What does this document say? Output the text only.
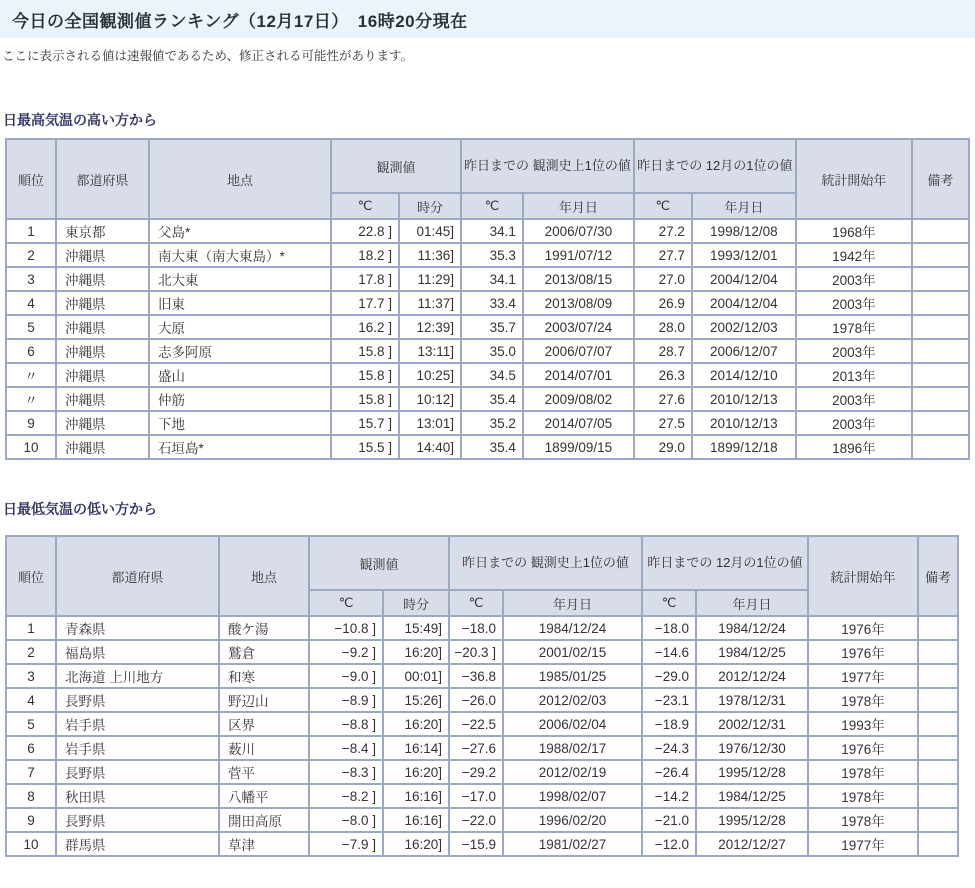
今日の全国観測値ランキング（12月17日）　16時20分現在
ここに表示される値は速報値であるため、修正される可能性があります。
日最高気温の高い方から
順位	都道府県	地点	観測値		昨日までの 観測史上1位の値		昨日までの 12月の1位の値		統計開始年	備考
			℃	時分	℃	年月日	℃	年月日		
1	東京都	父島*	22.8 ]	01:45]	34.1	2006/07/30	27.2	1998/12/08	1968年	
2	沖縄県	南大東（南大東島）*	18.2 ]	11:36]	35.3	1991/07/12	27.7	1993/12/01	1942年	
3	沖縄県	北大東	17.8 ]	11:29]	34.1	2013/08/15	27.0	2004/12/04	2003年	
4	沖縄県	旧東	17.7 ]	11:37]	33.4	2013/08/09	26.9	2004/12/04	2003年	
5	沖縄県	大原	16.2 ]	12:39]	35.7	2003/07/24	28.0	2002/12/03	1978年	
6	沖縄県	志多阿原	15.8 ]	13:11]	35.0	2006/07/07	28.7	2006/12/07	2003年	
〃	沖縄県	盛山	15.8 ]	10:25]	34.5	2014/07/01	26.3	2014/12/10	2013年	
〃	沖縄県	仲筋	15.8 ]	10:12]	35.4	2009/08/02	27.6	2010/12/13	2003年	
9	沖縄県	下地	15.7 ]	13:01]	35.2	2014/07/05	27.5	2010/12/13	2003年	
10	沖縄県	石垣島*	15.5 ]	14:40]	35.4	1899/09/15	29.0	1899/12/18	1896年	
日最低気温の低い方から
順位	都道府県	地点	観測値		昨日までの 観測史上1位の値		昨日までの 12月の1位の値		統計開始年	備考
			℃	時分	℃	年月日	℃	年月日		
1	青森県	酸ケ湯	−10.8 ]	15:49]	−18.0	1984/12/24	−18.0	1984/12/24	1976年	
2	福島県	鷲倉	−9.2 ]	16:20]	−20.3 ]	2001/02/15	−14.6	1984/12/25	1976年	
3	北海道 上川地方	和寒	−9.0 ]	00:01]	−36.8	1985/01/25	−29.0	2012/12/24	1977年	
4	長野県	野辺山	−8.9 ]	15:26]	−26.0	2012/02/03	−23.1	1978/12/31	1978年	
5	岩手県	区界	−8.8 ]	16:20]	−22.5	2006/02/04	−18.9	2002/12/31	1993年	
6	岩手県	薮川	−8.4 ]	16:14]	−27.6	1988/02/17	−24.3	1976/12/30	1976年	
7	長野県	菅平	−8.3 ]	16:20]	−29.2	2012/02/19	−26.4	1995/12/28	1978年	
8	秋田県	八幡平	−8.2 ]	16:16]	−17.0	1998/02/07	−14.2	1984/12/25	1978年	
9	長野県	開田高原	−8.0 ]	16:16]	−22.0	1996/02/20	−21.0	1995/12/28	1978年	
10	群馬県	草津	−7.9 ]	16:20]	−15.9	1981/02/27	−12.0	2012/12/27	1977年	
